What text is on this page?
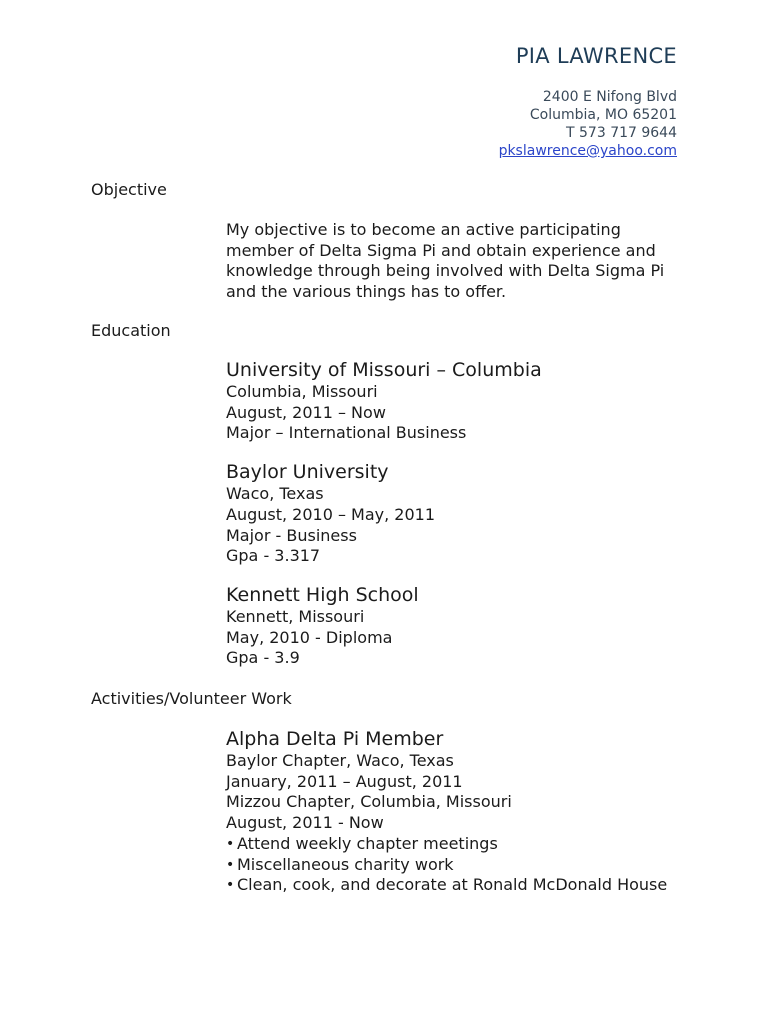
PIA LAWRENCE
2400 E Nifong Blvd
Columbia, MO 65201
T 573 717 9644
pkslawrence@yahoo.com
Objective
My objective is to become an active participating member of Delta Sigma Pi and obtain experience and knowledge through being involved with Delta Sigma Pi and the various things has to offer.
Education
University of Missouri – Columbia
Columbia, Missouri
August, 2011 – Now
Major – International Business
Baylor University
Waco, Texas
August, 2010 – May, 2011
Major - Business
Gpa - 3.317
Kennett High School
Kennett, Missouri
May, 2010 - Diploma
Gpa - 3.9
Activities/Volunteer Work
Alpha Delta Pi Member
Baylor Chapter, Waco, Texas
January, 2011 – August, 2011
Mizzou Chapter, Columbia, Missouri
August, 2011 - Now
• Attend weekly chapter meetings
• Miscellaneous charity work
• Clean, cook, and decorate at Ronald McDonald House
